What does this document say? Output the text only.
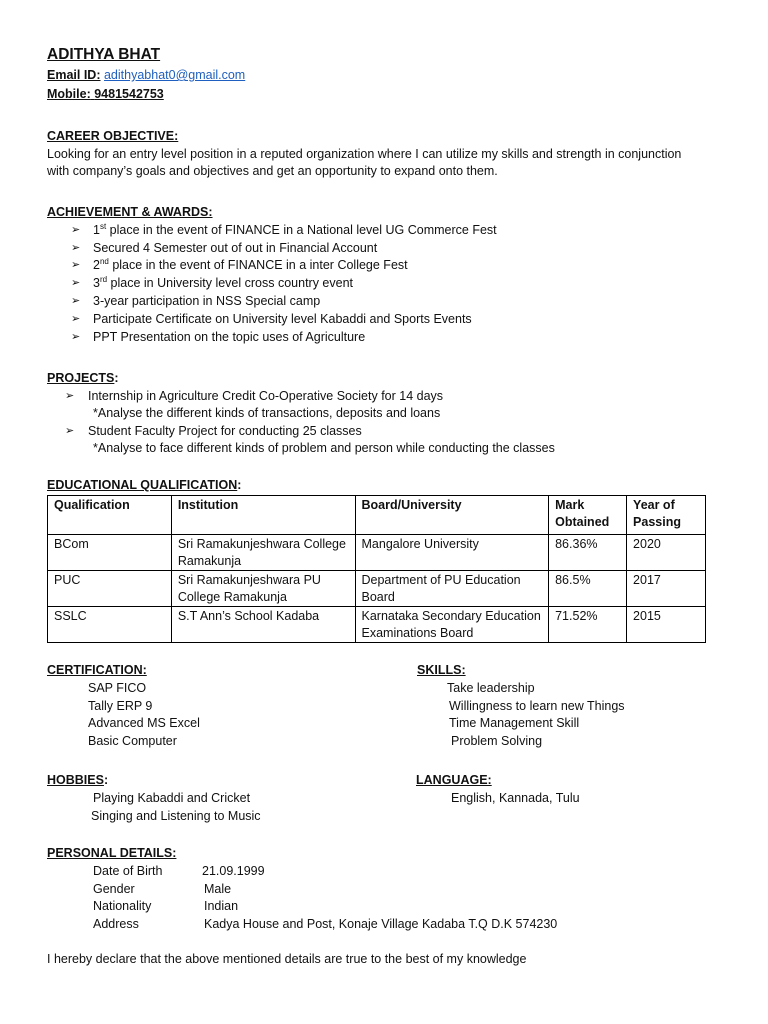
ADITHYA BHAT
Email ID: adithyabhat0@gmail.com
Mobile: 9481542753
CAREER OBJECTIVE:
Looking for an entry level position in a reputed organization where I can utilize my skills and strength in conjunction
with company’s goals and objectives and get an opportunity to expand onto them.
ACHIEVEMENT & AWARDS:
➢ 1st place in the event of FINANCE in a National level UG Commerce Fest
➢ Secured 4 Semester out of out in Financial Account
➢ 2nd place in the event of FINANCE in a inter College Fest
➢ 3rd place in University level cross country event
➢ 3-year participation in NSS Special camp
➢ Participate Certificate on University level Kabaddi and Sports Events
➢ PPT Presentation on the topic uses of Agriculture
PROJECTS:
➢ Internship in Agriculture Credit Co-Operative Society for 14 days
*Analyse the different kinds of transactions, deposits and loans
➢ Student Faculty Project for conducting 25 classes
*Analyse to face different kinds of problem and person while conducting the classes
EDUCATIONAL QUALIFICATION:
Qualification	Institution	Board/University	Mark Obtained	Year of Passing
BCom	Sri Ramakunjeshwara College Ramakunja	Mangalore University	86.36%	2020
PUC	Sri Ramakunjeshwara PU College Ramakunja	Department of PU Education Board	86.5%	2017
SSLC	S.T Ann’s School Kadaba	Karnataka Secondary Education Examinations Board	71.52%	2015
CERTIFICATION:
SAP FICO
Tally ERP 9
Advanced MS Excel
Basic Computer
SKILLS:
Take leadership
Willingness to learn new Things
Time Management Skill
Problem Solving
HOBBIES:
Playing Kabaddi and Cricket
Singing and Listening to Music
LANGUAGE:
English, Kannada, Tulu
PERSONAL DETAILS:
Date of Birth	21.09.1999
Gender	Male
Nationality	Indian
Address	Kadya House and Post, Konaje Village Kadaba T.Q D.K 574230
I hereby declare that the above mentioned details are true to the best of my knowledge
